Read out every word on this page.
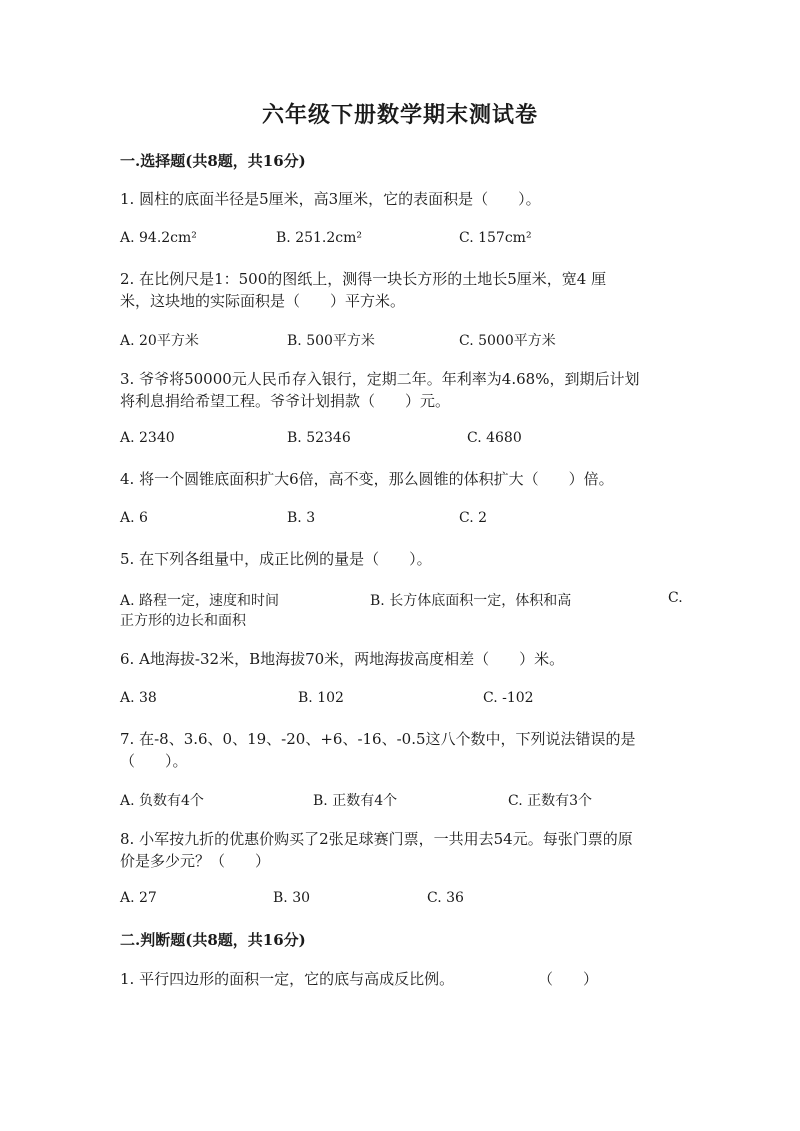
六年级下册数学期末测试卷
一.选择题(共8题，共16分)
1. 圆柱的底面半径是5厘米，高3厘米，它的表面积是（　　）。
A. 94.2cm²	B. 251.2cm²	C. 157cm²
2. 在比例尺是1：500的图纸上，测得一块长方形的土地长5厘米，宽4 厘
米，这块地的实际面积是（　　）平方米。
A. 20平方米	B. 500平方米	C. 5000平方米
3. 爷爷将50000元人民币存入银行，定期二年。年利率为4.68%，到期后计划
将利息捐给希望工程。爷爷计划捐款（　　）元。
A. 2340	B. 52346	C. 4680
4. 将一个圆锥底面积扩大6倍，高不变，那么圆锥的体积扩大（　　）倍。
A. 6	B. 3	C. 2
5. 在下列各组量中，成正比例的量是（　　）。
A. 路程一定，速度和时间	B. 长方体底面积一定，体积和高	C.
正方形的边长和面积
6. A地海拔-32米，B地海拔70米，两地海拔高度相差（　　）米。
A. 38	B. 102	C. -102
7. 在-8、3.6、0、19、-20、+6、-16、-0.5这八个数中，下列说法错误的是
（　　）。
A. 负数有4个	B. 正数有4个	C. 正数有3个
8. 小军按九折的优惠价购买了2张足球赛门票，一共用去54元。每张门票的原
价是多少元？（　　）
A. 27	B. 30	C. 36
二.判断题(共8题，共16分)
1. 平行四边形的面积一定，它的底与高成反比例。	（　　）
